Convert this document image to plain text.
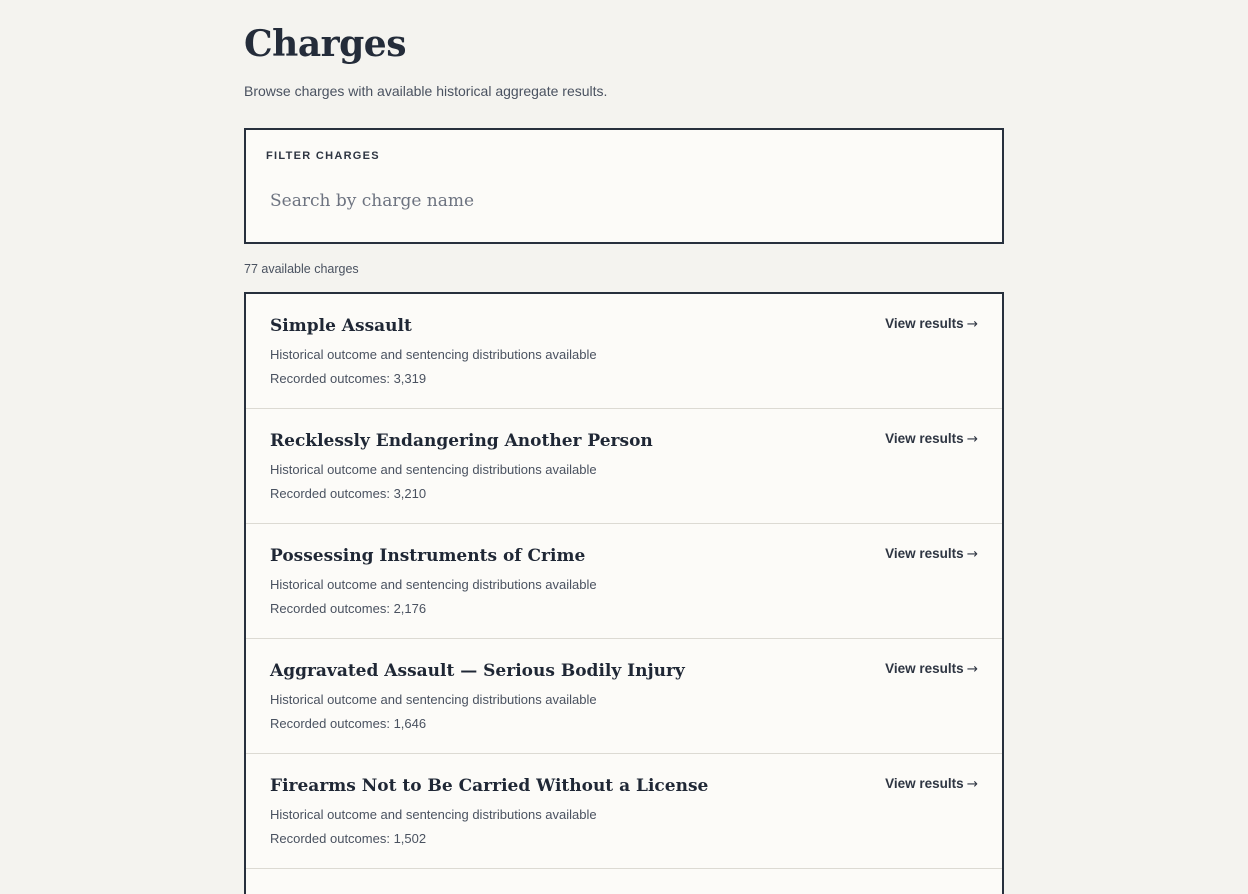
Charges
Browse charges with available historical aggregate results.
FILTER CHARGES
Search by charge name
77 available charges
Simple Assault
Historical outcome and sentencing distributions available
Recorded outcomes: 3,319
View results →
Recklessly Endangering Another Person
Historical outcome and sentencing distributions available
Recorded outcomes: 3,210
View results →
Possessing Instruments of Crime
Historical outcome and sentencing distributions available
Recorded outcomes: 2,176
View results →
Aggravated Assault — Serious Bodily Injury
Historical outcome and sentencing distributions available
Recorded outcomes: 1,646
View results →
Firearms Not to Be Carried Without a License
Historical outcome and sentencing distributions available
Recorded outcomes: 1,502
View results →
